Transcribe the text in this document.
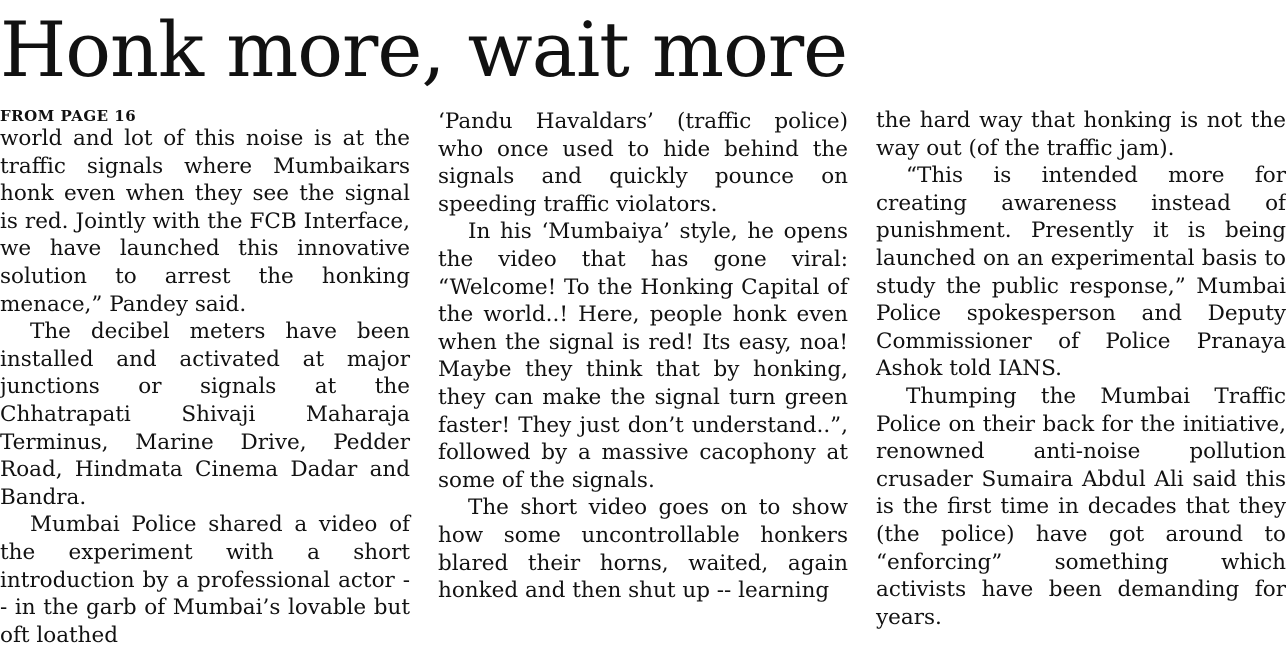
Honk more, wait more
FROM PAGE 16

world and lot of this noise is at the traffic signals where Mumbaikars honk even when they see the signal is red. Jointly with the FCB Interface, we have launched this innovative solution to arrest the honking menace,” Pandey said.

The decibel meters have been installed and activated at major junctions or signals at the Chhatrapati Shivaji Maharaja Terminus, Marine Drive, Pedder Road, Hindmata Cinema Dadar and Bandra.

Mumbai Police shared a video of the experiment with a short introduction by a professional actor -- in the garb of Mumbai’s lovable but oft loathed

‘Pandu Havaldars’ (traffic police) who once used to hide behind the signals and quickly pounce on speeding traffic violators.

In his ‘Mumbaiya’ style, he opens the video that has gone viral: “Welcome! To the Honking Capital of the world..! Here, people honk even when the signal is red! Its easy, noa! Maybe they think that by honking, they can make the signal turn green faster! They just don’t understand..”, followed by a massive cacophony at some of the signals.

The short video goes on to show how some uncontrollable honkers blared their horns, waited, again honked and then shut up -- learning

the hard way that honking is not the way out (of the traffic jam).

“This is intended more for creating awareness instead of punishment. Presently it is being launched on an experimental basis to study the public response,” Mumbai Police spokesperson and Deputy Commissioner of Police Pranaya Ashok told IANS.

Thumping the Mumbai Traffic Police on their back for the initiative, renowned anti-noise pollution crusader Sumaira Abdul Ali said this is the first time in decades that they (the police) have got around to “enforcing” something which activists have been demanding for years.
